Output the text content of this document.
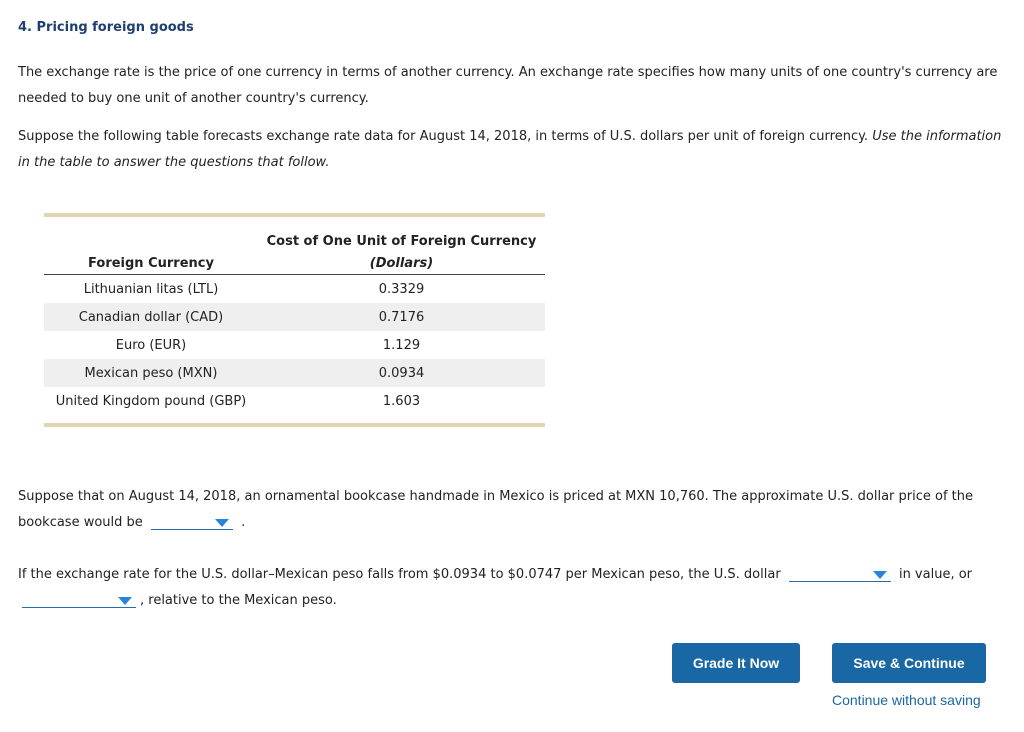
4. Pricing foreign goods

The exchange rate is the price of one currency in terms of another currency. An exchange rate specifies how many units of one country's currency are needed to buy one unit of another country's currency.

Suppose the following table forecasts exchange rate data for August 14, 2018, in terms of U.S. dollars per unit of foreign currency. Use the information in the table to answer the questions that follow.

	Cost of One Unit of Foreign Currency
Foreign Currency	(Dollars)
Lithuanian litas (LTL)	0.3329
Canadian dollar (CAD)	0.7176
Euro (EUR)	1.129
Mexican peso (MXN)	0.0934
United Kingdom pound (GBP)	1.603

Suppose that on August 14, 2018, an ornamental bookcase handmade in Mexico is priced at MXN 10,760. The approximate U.S. dollar price of the bookcase would be	.
If the exchange rate for the U.S. dollar–Mexican peso falls from $0.0934 to $0.0747 per Mexican peso, the U.S. dollar	in value, or

, relative to the Mexican peso.
Grade It Now	Save & Continue
Continue without saving
